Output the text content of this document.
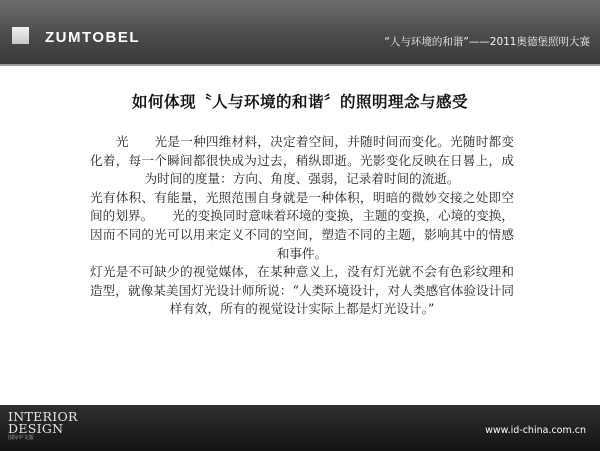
ZUMTOBEL	“人与环境的和谐”——2011奥德堡照明大赛
如何体现〝人与环境的和谐〞的照明理念与感受

光　　光是一种四维材料，决定着空间，并随时间而变化。光随时都变化着，每一个瞬间都很快成为过去，稍纵即逝。光影变化反映在日晷上，成为时间的度量：方向、角度、强弱，记录着时间的流逝。

光有体积、有能量，光照范围自身就是一种体积，明暗的微妙交接之处即空间的划界。　　光的变换同时意味着环境的变换，主题的变换，心境的变换，因而不同的光可以用来定义不同的空间，塑造不同的主题，影响其中的情感和事件。

灯光是不可缺少的视觉媒体，在某种意义上，没有灯光就不会有色彩纹理和造型，就像某美国灯光设计师所说：“人类环境设计，对人类感官体验设计同样有效，所有的视觉设计实际上都是灯光设计。”

INTERIOR
DESIGN
国际中文版
www.id-china.com.cn
